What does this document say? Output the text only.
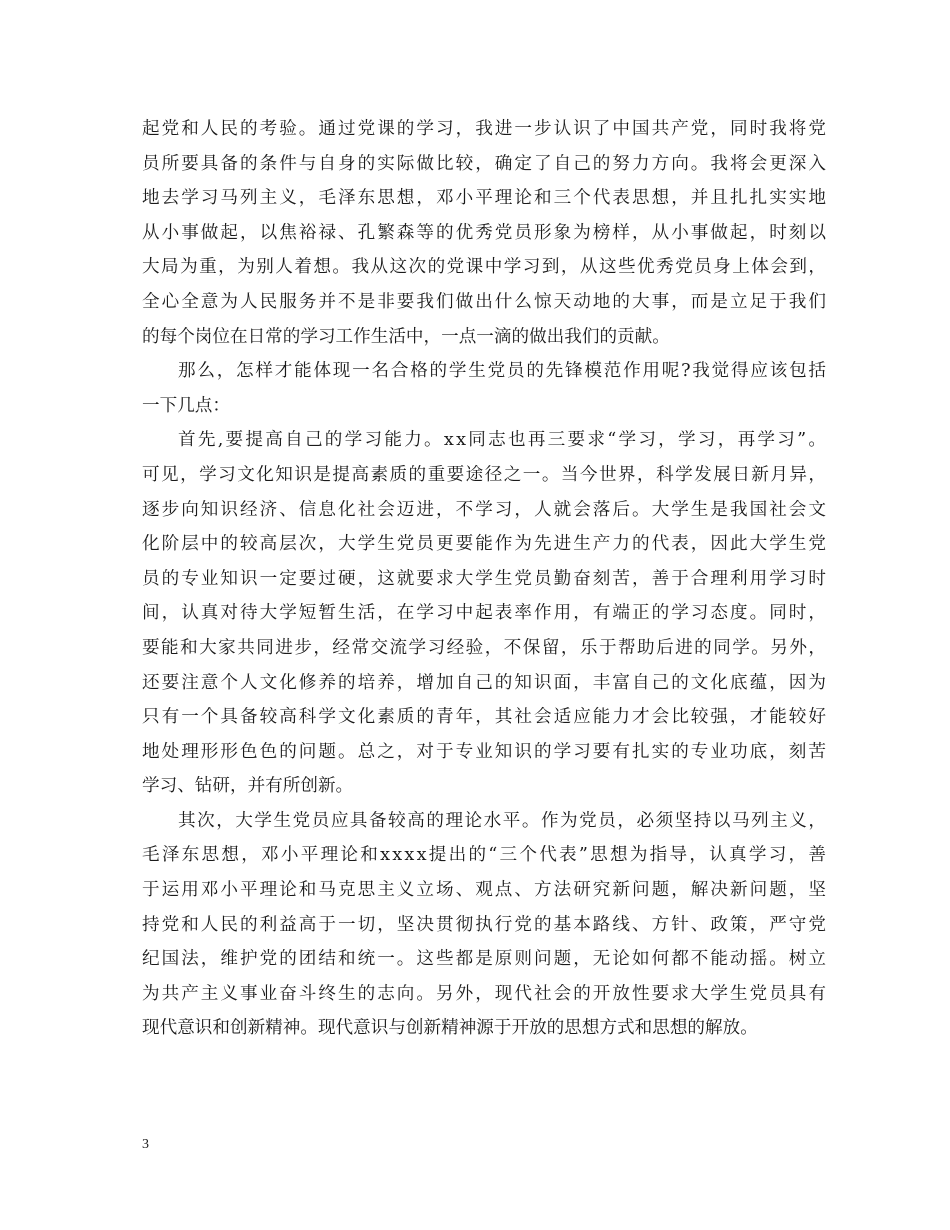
起党和人民的考验。通过党课的学习，我进一步认识了中国共产党，同时我将党

员所要具备的条件与自身的实际做比较，确定了自己的努力方向。我将会更深入

地去学习马列主义，毛泽东思想，邓小平理论和三个代表思想，并且扎扎实实地

从小事做起，以焦裕禄、孔繁森等的优秀党员形象为榜样，从小事做起，时刻以

大局为重，为别人着想。我从这次的党课中学习到，从这些优秀党员身上体会到，

全心全意为人民服务并不是非要我们做出什么惊天动地的大事，而是立足于我们

的每个岗位在日常的学习工作生活中，一点一滴的做出我们的贡献。

那么，怎样才能体现一名合格的学生党员的先锋模范作用呢?我觉得应该包括

一下几点：

首先,要提高自己的学习能力。xx同志也再三要求“学习，学习，再学习”。

可见，学习文化知识是提高素质的重要途径之一。当今世界，科学发展日新月异，

逐步向知识经济、信息化社会迈进，不学习，人就会落后。大学生是我国社会文

化阶层中的较高层次，大学生党员更要能作为先进生产力的代表，因此大学生党

员的专业知识一定要过硬，这就要求大学生党员勤奋刻苦，善于合理利用学习时

间，认真对待大学短暂生活，在学习中起表率作用，有端正的学习态度。同时，

要能和大家共同进步，经常交流学习经验，不保留，乐于帮助后进的同学。另外，

还要注意个人文化修养的培养，增加自己的知识面，丰富自己的文化底蕴，因为

只有一个具备较高科学文化素质的青年，其社会适应能力才会比较强，才能较好

地处理形形色色的问题。总之，对于专业知识的学习要有扎实的专业功底，刻苦

学习、钻研，并有所创新。

其次，大学生党员应具备较高的理论水平。作为党员，必须坚持以马列主义，

毛泽东思想，邓小平理论和xxxx提出的“三个代表”思想为指导，认真学习，善

于运用邓小平理论和马克思主义立场、观点、方法研究新问题，解决新问题，坚

持党和人民的利益高于一切，坚决贯彻执行党的基本路线、方针、政策，严守党

纪国法，维护党的团结和统一。这些都是原则问题，无论如何都不能动摇。树立

为共产主义事业奋斗终生的志向。另外，现代社会的开放性要求大学生党员具有

现代意识和创新精神。现代意识与创新精神源于开放的思想方式和思想的解放。

3
